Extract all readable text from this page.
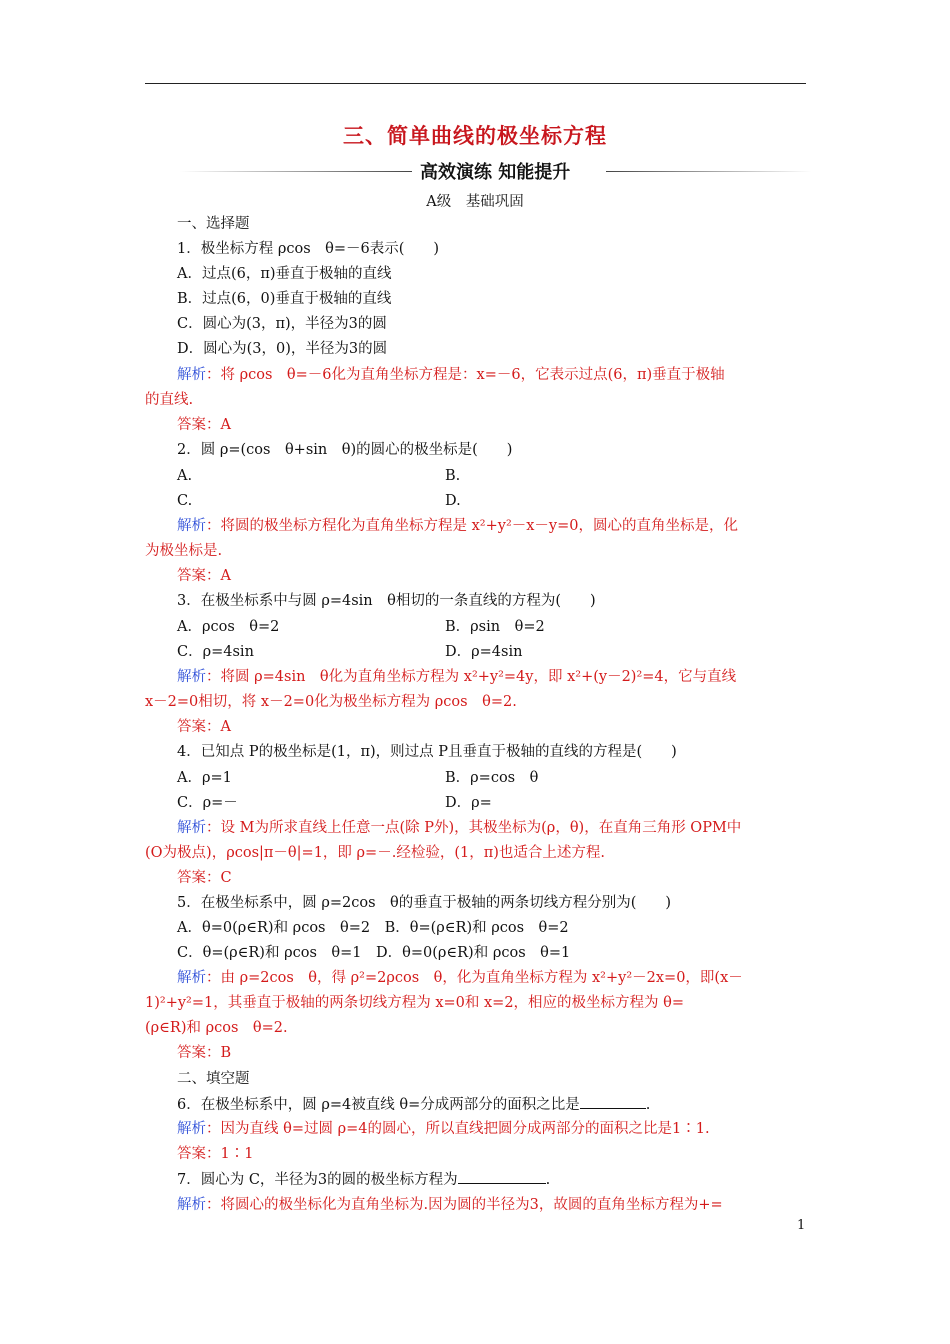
三、简单曲线的极坐标方程
高效演练 知能提升
A级　基础巩固
一、选择题
1．极坐标方程 ρcos　θ=－6表示(　　)
A．过点(6，π)垂直于极轴的直线
B．过点(6，0)垂直于极轴的直线
C．圆心为(3，π)，半径为3的圆
D．圆心为(3，0)，半径为3的圆
解析：将 ρcos　θ=－6化为直角坐标方程是：x=－6，它表示过点(6，π)垂直于极轴
的直线.
答案：A
2．圆 ρ=(cos　θ+sin　θ)的圆心的极坐标是(　　)
A.	B.
C.	D.
解析：将圆的极坐标方程化为直角坐标方程是 x²+y²－x－y=0，圆心的直角坐标是，化
为极坐标是.
答案：A
3．在极坐标系中与圆 ρ=4sin　θ相切的一条直线的方程为(　　)
A．ρcos　θ=2	B．ρsin　θ=2
C．ρ=4sin	D．ρ=4sin
解析：将圆 ρ=4sin　θ化为直角坐标方程为 x²+y²=4y，即 x²+(y－2)²=4，它与直线
x－2=0相切，将 x－2=0化为极坐标方程为 ρcos　θ=2.
答案：A
4．已知点 P的极坐标是(1，π)，则过点 P且垂直于极轴的直线的方程是(　　)
A．ρ=1	B．ρ=cos　θ
C．ρ=－	D．ρ=
解析：设 M为所求直线上任意一点(除 P外)，其极坐标为(ρ，θ)，在直角三角形 OPM中
(O为极点)，ρcos|π－θ|=1，即 ρ=－.经检验，(1，π)也适合上述方程.
答案：C
5．在极坐标系中，圆 ρ=2cos　θ的垂直于极轴的两条切线方程分别为(　　)
A．θ=0(ρ∈R)和 ρcos　θ=2　B．θ=(ρ∈R)和 ρcos　θ=2
C．θ=(ρ∈R)和 ρcos　θ=1　D．θ=0(ρ∈R)和 ρcos　θ=1
解析：由 ρ=2cos　θ，得 ρ²=2ρcos　θ，化为直角坐标方程为 x²+y²－2x=0，即(x－
1)²+y²=1，其垂直于极轴的两条切线方程为 x=0和 x=2，相应的极坐标方程为 θ=
(ρ∈R)和 ρcos　θ=2.
答案：B
二、填空题
6．在极坐标系中，圆 ρ=4被直线 θ=分成两部分的面积之比是	.
解析：因为直线 θ=过圆 ρ=4的圆心，所以直线把圆分成两部分的面积之比是1∶1.
答案：1∶1
7．圆心为 C，半径为3的圆的极坐标方程为	.
解析：将圆心的极坐标化为直角坐标为.因为圆的半径为3，故圆的直角坐标方程为+=
1
